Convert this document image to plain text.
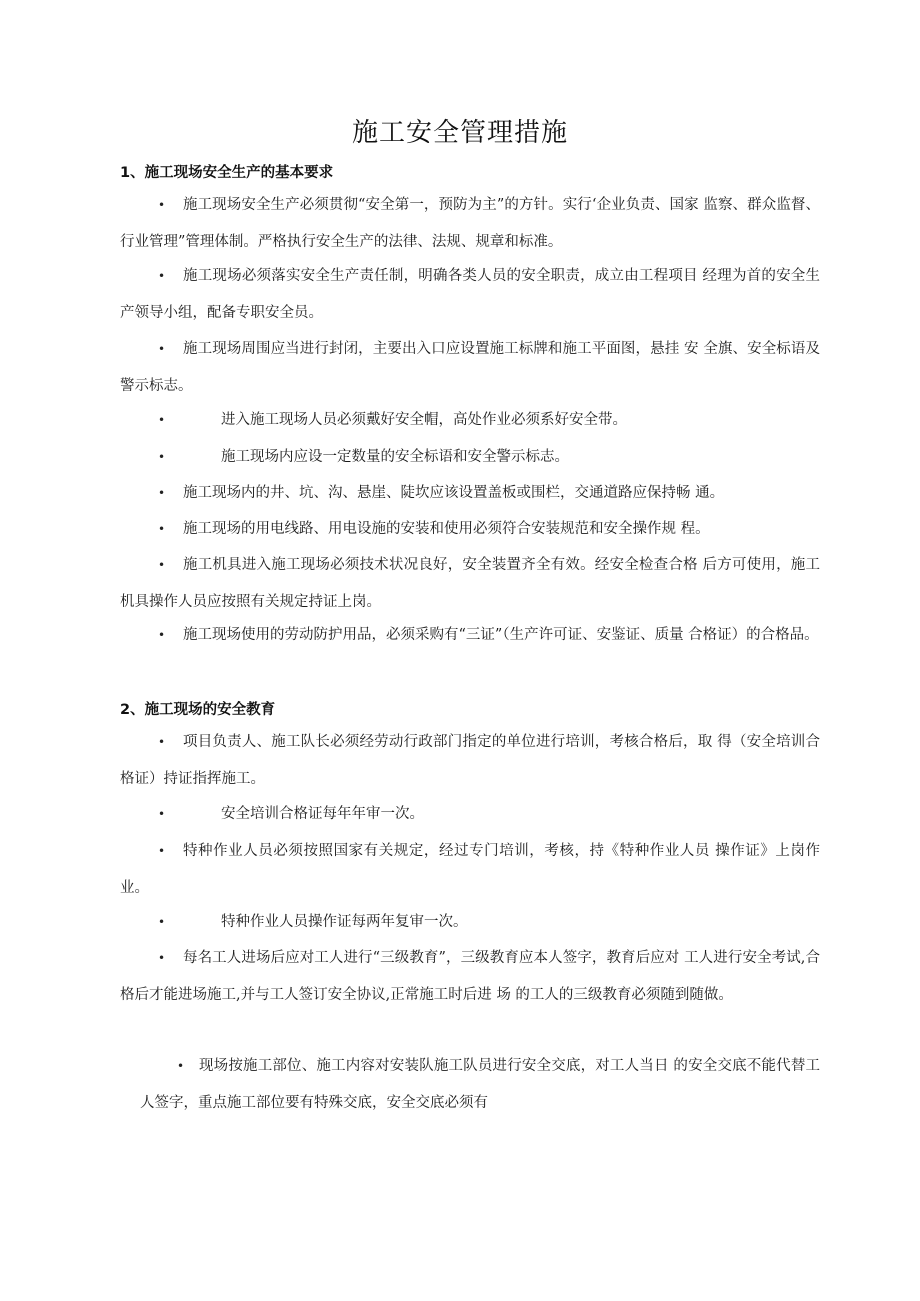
施工安全管理措施
1、施工现场安全生产的基本要求
•	施工现场安全生产必须贯彻“安全第一，预防为主”的方针。实行‘企业负责、国家 监察、群众监督、行业管理”管理体制。严格执行安全生产的法律、法规、规章和标准。
•	施工现场必须落实安全生产责任制，明确各类人员的安全职责，成立由工程项目 经理为首的安全生产领导小组，配备专职安全员。
•	施工现场周围应当进行封闭，主要出入口应设置施工标牌和施工平面图，悬挂 安 全旗、安全标语及警示标志。
•	进入施工现场人员必须戴好安全帽，高处作业必须系好安全带。
•	施工现场内应设一定数量的安全标语和安全警示标志。
•	施工现场内的井、坑、沟、悬崖、陡坎应该设置盖板或围栏，交通道路应保持畅 通。
•	施工现场的用电线路、用电设施的安装和使用必须符合安装规范和安全操作规 程。
•	施工机具进入施工现场必须技术状况良好，安全装置齐全有效。经安全检查合格 后方可使用，施工机具操作人员应按照有关规定持证上岗。
•	施工现场使用的劳动防护用品，必须采购有“三证”（生产许可证、安鉴证、质量 合格证）的合格品。
2、施工现场的安全教育
•	项目负责人、施工队长必须经劳动行政部门指定的单位进行培训，考核合格后，取 得（安全培训合格证）持证指挥施工。
•	安全培训合格证每年年审一次。
•	特种作业人员必须按照国家有关规定，经过专门培训，考核，持《特种作业人员 操作证》上岗作业。
•	特种作业人员操作证每两年复审一次。
•	每名工人进场后应对工人进行“三级教育”，三级教育应本人签字，教育后应对 工人进行安全考试,合格后才能进场施工,并与工人签订安全协议,正常施工时后进 场 的工人的三级教育必须随到随做。
•	现场按施工部位、施工内容对安装队施工队员进行安全交底，对工人当日 的安全交底不能代替工人签字，重点施工部位要有特殊交底，安全交底必须有
